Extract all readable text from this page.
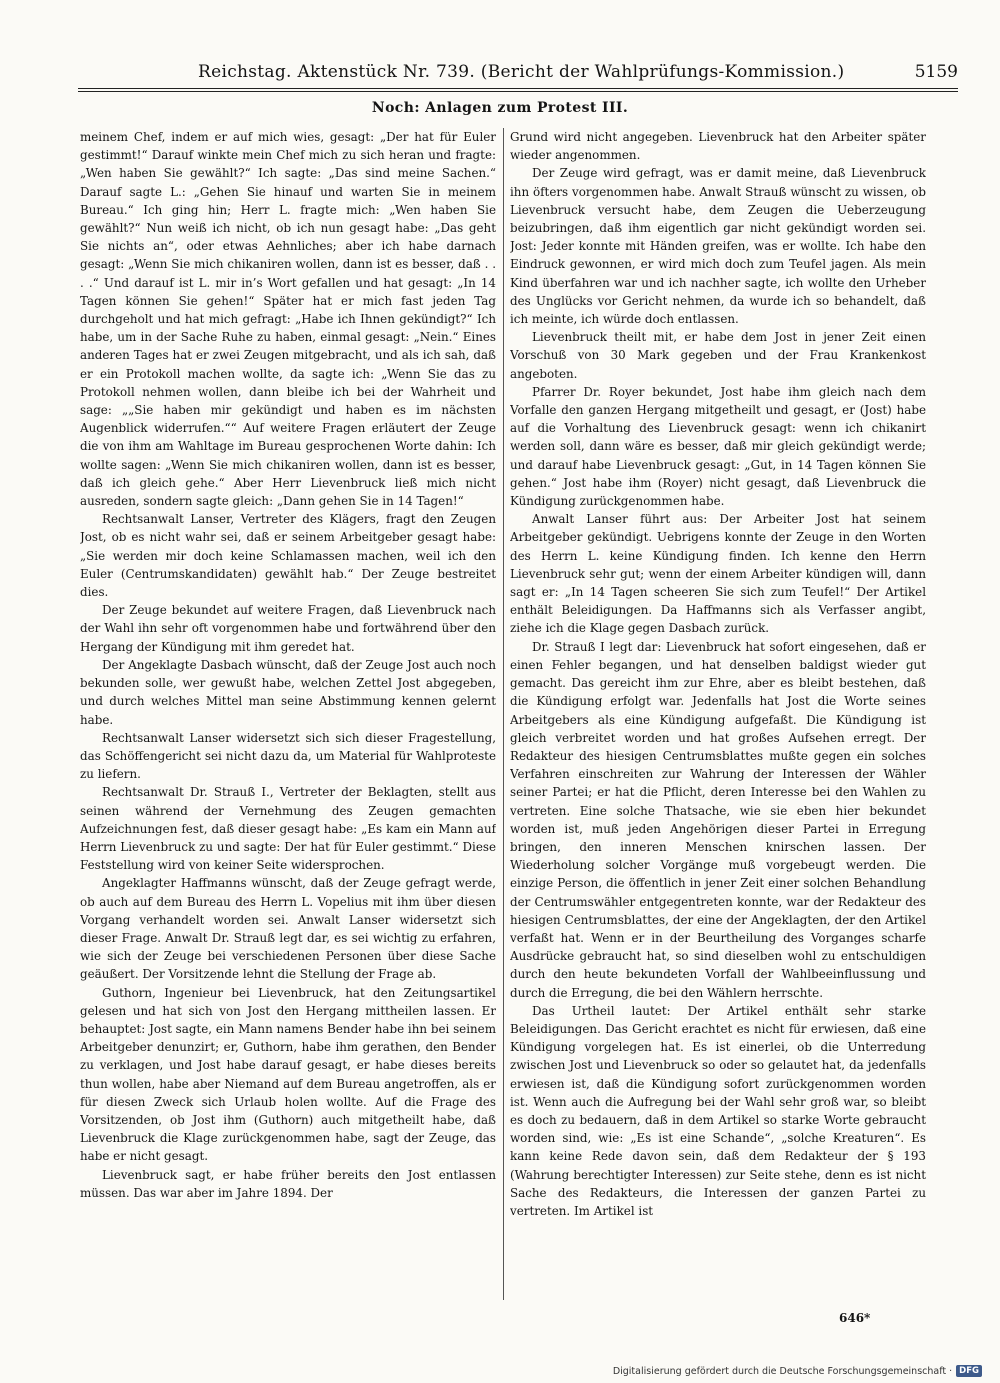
Reichstag. Aktenstück Nr. 739. (Bericht der Wahlprüfungs-Kommission.)	5159
Noch: Anlagen zum Protest III.

meinem Chef, indem er auf mich wies, gesagt: „Der hat für Euler gestimmt!“ Darauf winkte mein Chef mich zu sich heran und fragte: „Wen haben Sie gewählt?“ Ich sagte: „Das sind meine Sachen.“ Darauf sagte L.: „Gehen Sie hinauf und warten Sie in meinem Bureau.“ Ich ging hin; Herr L. fragte mich: „Wen haben Sie gewählt?“ Nun weiß ich nicht, ob ich nun gesagt habe: „Das geht Sie nichts an“, oder etwas Aehnliches; aber ich habe darnach gesagt: „Wenn Sie mich chikaniren wollen, dann ist es besser, daß . . . .“ Und darauf ist L. mir in’s Wort gefallen und hat gesagt: „In 14 Tagen können Sie gehen!“ Später hat er mich fast jeden Tag durchgeholt und hat mich gefragt: „Habe ich Ihnen gekündigt?“ Ich habe, um in der Sache Ruhe zu haben, einmal gesagt: „Nein.“ Eines anderen Tages hat er zwei Zeugen mitgebracht, und als ich sah, daß er ein Protokoll machen wollte, da sagte ich: „Wenn Sie das zu Protokoll nehmen wollen, dann bleibe ich bei der Wahrheit und sage: „„Sie haben mir gekündigt und haben es im nächsten Augenblick widerrufen.““ Auf weitere Fragen erläutert der Zeuge die von ihm am Wahltage im Bureau gesprochenen Worte dahin: Ich wollte sagen: „Wenn Sie mich chikaniren wollen, dann ist es besser, daß ich gleich gehe.“ Aber Herr Lievenbruck ließ mich nicht ausreden, sondern sagte gleich: „Dann gehen Sie in 14 Tagen!“

Rechtsanwalt Lanser, Vertreter des Klägers, fragt den Zeugen Jost, ob es nicht wahr sei, daß er seinem Arbeitgeber gesagt habe: „Sie werden mir doch keine Schlamassen machen, weil ich den Euler (Centrumskandidaten) gewählt hab.“ Der Zeuge bestreitet dies.

Der Zeuge bekundet auf weitere Fragen, daß Lievenbruck nach der Wahl ihn sehr oft vorgenommen habe und fortwährend über den Hergang der Kündigung mit ihm geredet hat.

Der Angeklagte Dasbach wünscht, daß der Zeuge Jost auch noch bekunden solle, wer gewußt habe, welchen Zettel Jost abgegeben, und durch welches Mittel man seine Abstimmung kennen gelernt habe.

Rechtsanwalt Lanser widersetzt sich sich dieser Fragestellung, das Schöffengericht sei nicht dazu da, um Material für Wahlproteste zu liefern.

Rechtsanwalt Dr. Strauß I., Vertreter der Beklagten, stellt aus seinen während der Vernehmung des Zeugen gemachten Aufzeichnungen fest, daß dieser gesagt habe: „Es kam ein Mann auf Herrn Lievenbruck zu und sagte: Der hat für Euler gestimmt.“ Diese Feststellung wird von keiner Seite widersprochen.

Angeklagter Haffmanns wünscht, daß der Zeuge gefragt werde, ob auch auf dem Bureau des Herrn L. Vopelius mit ihm über diesen Vorgang verhandelt worden sei. Anwalt Lanser widersetzt sich dieser Frage. Anwalt Dr. Strauß legt dar, es sei wichtig zu erfahren, wie sich der Zeuge bei verschiedenen Personen über diese Sache geäußert. Der Vorsitzende lehnt die Stellung der Frage ab.

Guthorn, Ingenieur bei Lievenbruck, hat den Zeitungsartikel gelesen und hat sich von Jost den Hergang mittheilen lassen. Er behauptet: Jost sagte, ein Mann namens Bender habe ihn bei seinem Arbeitgeber denunzirt; er, Guthorn, habe ihm gerathen, den Bender zu verklagen, und Jost habe darauf gesagt, er habe dieses bereits thun wollen, habe aber Niemand auf dem Bureau angetroffen, als er für diesen Zweck sich Urlaub holen wollte. Auf die Frage des Vorsitzenden, ob Jost ihm (Guthorn) auch mitgetheilt habe, daß Lievenbruck die Klage zurückgenommen habe, sagt der Zeuge, das habe er nicht gesagt.

Lievenbruck sagt, er habe früher bereits den Jost entlassen müssen. Das war aber im Jahre 1894. Der

Grund wird nicht angegeben. Lievenbruck hat den Arbeiter später wieder angenommen.

Der Zeuge wird gefragt, was er damit meine, daß Lievenbruck ihn öfters vorgenommen habe. Anwalt Strauß wünscht zu wissen, ob Lievenbruck versucht habe, dem Zeugen die Ueberzeugung beizubringen, daß ihm eigentlich gar nicht gekündigt worden sei. Jost: Jeder konnte mit Händen greifen, was er wollte. Ich habe den Eindruck gewonnen, er wird mich doch zum Teufel jagen. Als mein Kind überfahren war und ich nachher sagte, ich wollte den Urheber des Unglücks vor Gericht nehmen, da wurde ich so behandelt, daß ich meinte, ich würde doch entlassen.

Lievenbruck theilt mit, er habe dem Jost in jener Zeit einen Vorschuß von 30 Mark gegeben und der Frau Krankenkost angeboten.

Pfarrer Dr. Royer bekundet, Jost habe ihm gleich nach dem Vorfalle den ganzen Hergang mitgetheilt und gesagt, er (Jost) habe auf die Vorhaltung des Lievenbruck gesagt: wenn ich chikanirt werden soll, dann wäre es besser, daß mir gleich gekündigt werde; und darauf habe Lievenbruck gesagt: „Gut, in 14 Tagen können Sie gehen.“ Jost habe ihm (Royer) nicht gesagt, daß Lievenbruck die Kündigung zurückgenommen habe.

Anwalt Lanser führt aus: Der Arbeiter Jost hat seinem Arbeitgeber gekündigt. Uebrigens konnte der Zeuge in den Worten des Herrn L. keine Kündigung finden. Ich kenne den Herrn Lievenbruck sehr gut; wenn der einem Arbeiter kündigen will, dann sagt er: „In 14 Tagen scheeren Sie sich zum Teufel!“ Der Artikel enthält Beleidigungen. Da Haffmanns sich als Verfasser angibt, ziehe ich die Klage gegen Dasbach zurück.

Dr. Strauß I legt dar: Lievenbruck hat sofort eingesehen, daß er einen Fehler begangen, und hat denselben baldigst wieder gut gemacht. Das gereicht ihm zur Ehre, aber es bleibt bestehen, daß die Kündigung erfolgt war. Jedenfalls hat Jost die Worte seines Arbeitgebers als eine Kündigung aufgefaßt. Die Kündigung ist gleich verbreitet worden und hat großes Aufsehen erregt. Der Redakteur des hiesigen Centrumsblattes mußte gegen ein solches Verfahren einschreiten zur Wahrung der Interessen der Wähler seiner Partei; er hat die Pflicht, deren Interesse bei den Wahlen zu vertreten. Eine solche Thatsache, wie sie eben hier bekundet worden ist, muß jeden Angehörigen dieser Partei in Erregung bringen, den inneren Menschen knirschen lassen. Der Wiederholung solcher Vorgänge muß vorgebeugt werden. Die einzige Person, die öffentlich in jener Zeit einer solchen Behandlung der Centrumswähler entgegentreten konnte, war der Redakteur des hiesigen Centrumsblattes, der eine der Angeklagten, der den Artikel verfaßt hat. Wenn er in der Beurtheilung des Vorganges scharfe Ausdrücke gebraucht hat, so sind dieselben wohl zu entschuldigen durch den heute bekundeten Vorfall der Wahlbeeinflussung und durch die Erregung, die bei den Wählern herrschte.

Das Urtheil lautet: Der Artikel enthält sehr starke Beleidigungen. Das Gericht erachtet es nicht für erwiesen, daß eine Kündigung vorgelegen hat. Es ist einerlei, ob die Unterredung zwischen Jost und Lievenbruck so oder so gelautet hat, da jedenfalls erwiesen ist, daß die Kündigung sofort zurückgenommen worden ist. Wenn auch die Aufregung bei der Wahl sehr groß war, so bleibt es doch zu bedauern, daß in dem Artikel so starke Worte gebraucht worden sind, wie: „Es ist eine Schande“, „solche Kreaturen“. Es kann keine Rede davon sein, daß dem Redakteur der § 193 (Wahrung berechtigter Interessen) zur Seite stehe, denn es ist nicht Sache des Redakteurs, die Interessen der ganzen Partei zu vertreten. Im Artikel ist

646*
Digitalisierung gefördert durch die Deutsche Forschungsgemeinschaft · DFG
